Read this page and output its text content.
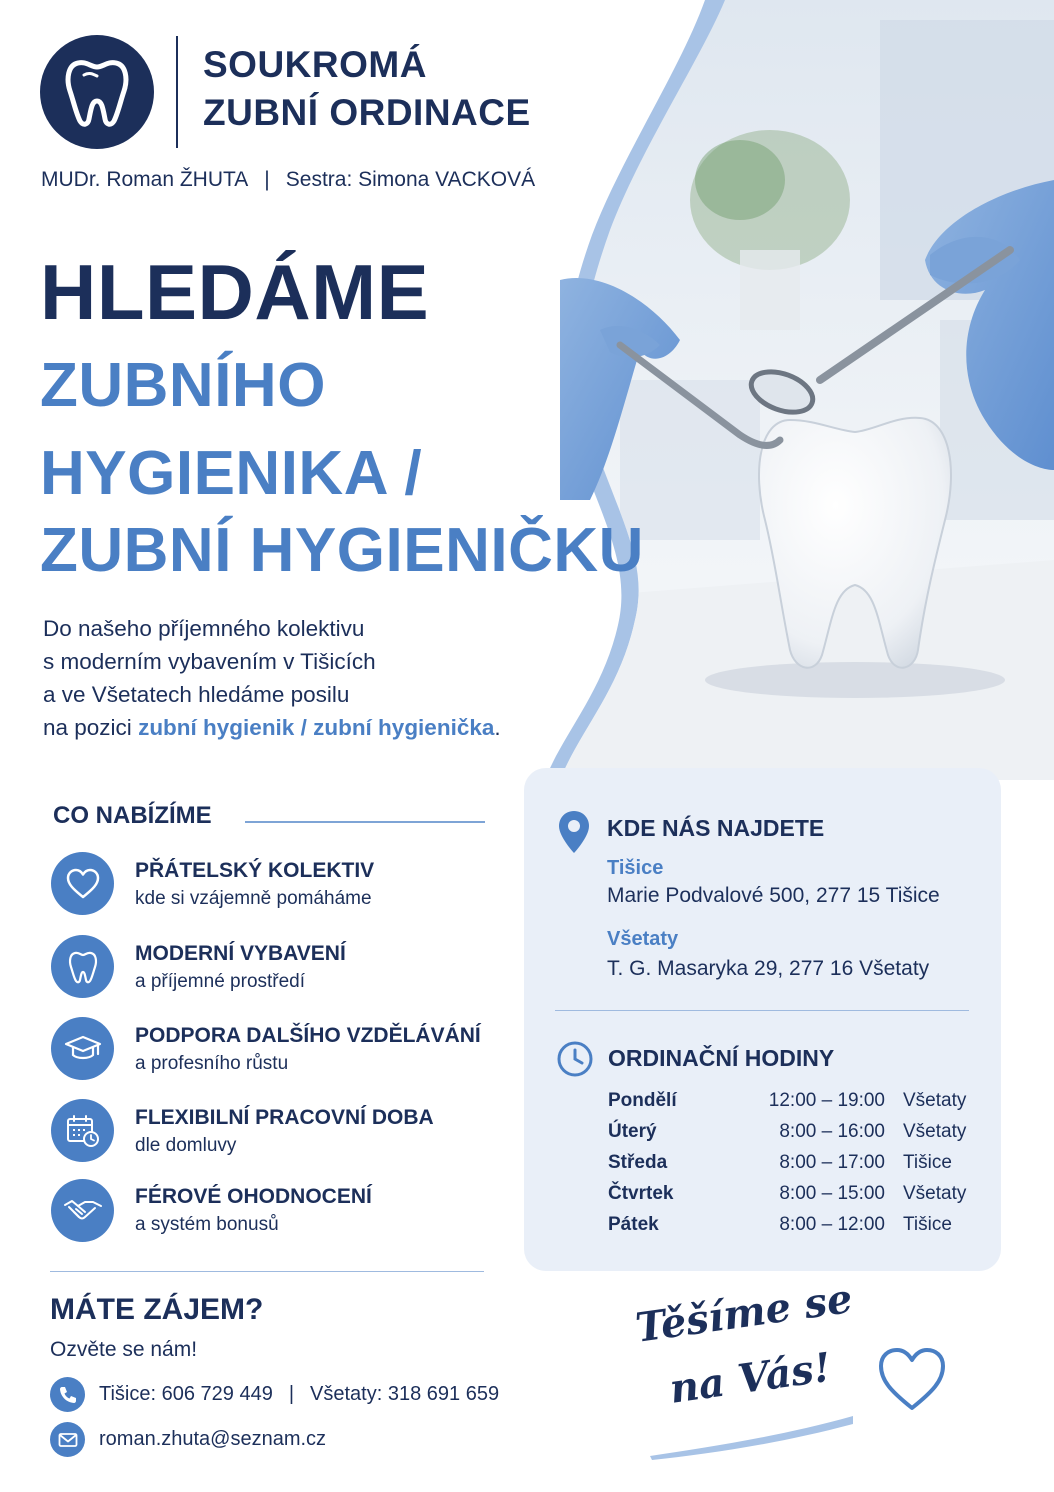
SOUKROMÁ
ZUBNÍ ORDINACE
MUDr. Roman ŽHUTA | Sestra: Simona VACKOVÁ
HLEDÁME
ZUBNÍHO
HYGIENIKA /
ZUBNÍ HYGIENIČKU
Do našeho příjemného kolektivu
s moderním vybavením v Tišicích
a ve Všetatech hledáme posilu
na pozici zubní hygienik / zubní hygienička.
CO NABÍZÍME
PŘÁTELSKÝ KOLEKTIV
kde si vzájemně pomáháme
MODERNÍ VYBAVENÍ
a příjemné prostředí
PODPORA DALŠÍHO VZDĚLÁVÁNÍ
a profesního růstu
FLEXIBILNÍ PRACOVNÍ DOBA
dle domluvy
FÉROVÉ OHODNOCENÍ
a systém bonusů
KDE NÁS NAJDETE
Tišice
Marie Podvalové 500, 277 15 Tišice
Všetaty
T. G. Masaryka 29, 277 16 Všetaty
ORDINAČNÍ HODINY
Pondělí	12:00 – 19:00 Všetaty
Úterý	8:00 – 16:00 Všetaty
Středa	8:00 – 17:00 Tišice
Čtvrtek	8:00 – 15:00 Všetaty
Pátek	8:00 – 12:00 Tišice
MÁTE ZÁJEM?
Ozvěte se nám!
Tišice: 606 729 449 | Všetaty: 318 691 659
roman.zhuta@seznam.cz
Těšíme se
na Vás!
